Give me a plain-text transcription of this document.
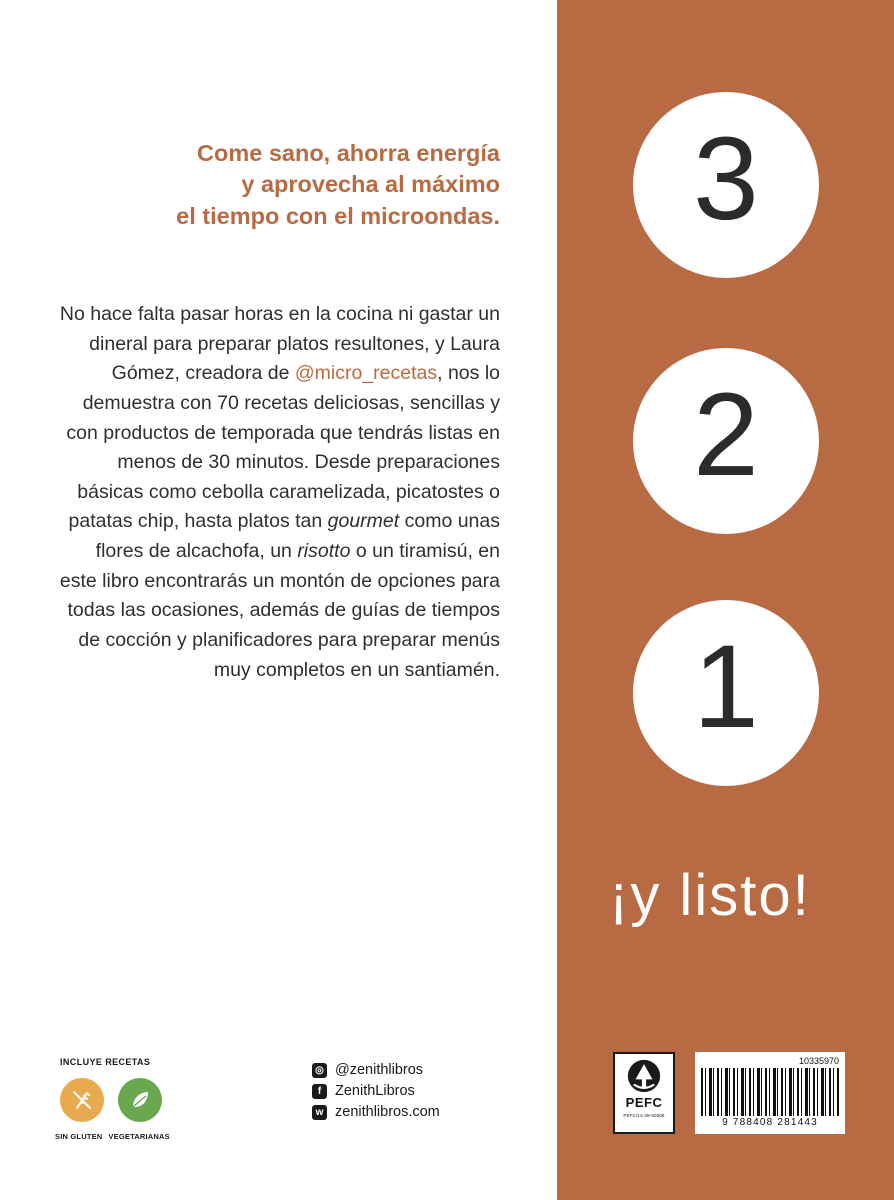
Come sano, ahorra energía
y aprovecha al máximo
el tiempo con el microondas.
No hace falta pasar horas en la cocina ni gastar un dineral para preparar platos resultones, y Laura Gómez, creadora de @micro_recetas, nos lo demuestra con 70 recetas deliciosas, sencillas y con productos de temporada que tendrás listas en menos de 30 minutos. Desde preparaciones básicas como cebolla caramelizada, picatostes o patatas chip, hasta platos tan gourmet como unas flores de alcachofa, un risotto o un tiramisú, en este libro encontrarás un montón de opciones para todas las ocasiones, además de guías de tiempos de cocción y planificadores para preparar menús muy completos en un santiamén.
INCLUYE RECETAS
SIN GLUTEN VEGETARIANAS
◎ @zenithlibros
f ZenithLibros
w zenithlibros.com
3
2
1
¡y listo!
PEFC
PEFC/14-38-00306
10335970
9 788408 281443
